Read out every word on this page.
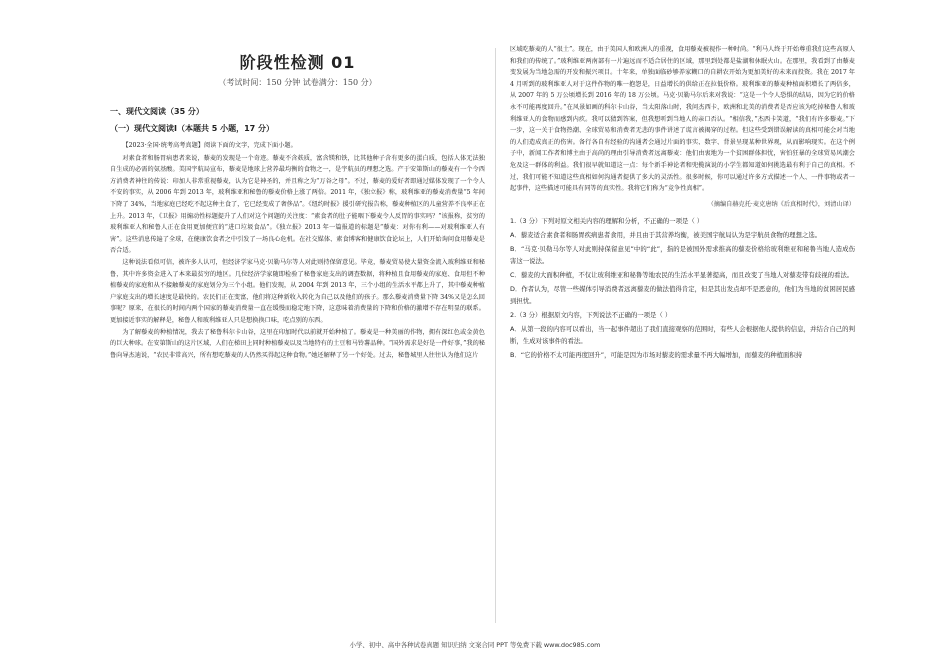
阶段性检测 01
（考试时间：150 分钟 试卷满分：150 分）
一、现代文阅读（35 分）
（一）现代文阅读Ⅰ（本题共 5 小题，17 分）

【2023·全国·统考高考真题】阅读下面的文字，完成下面小题。

对素食者和肠胃病患者来说，藜麦的发现是一个奇迹。藜麦不含麸质，富含镁和铁，比其他种子含有更多的蛋白质，包括人体无法独自生成的必需的氨基酸。美国宇航局宣布，藜麦是地球上营养最均衡的食物之一，是宇航员的理想之选。产于安第斯山的藜麦有一个令西方消费者神往的传说：印加人非常重视藜麦，认为它是神圣的，并且称之为“万谷之母”。不过，藜麦的爱好者即通过媒体发现了一个令人不安的事实，从 2006 年到 2013 年，玻利维亚和秘鲁的藜麦价格上涨了两倍。2011 年，《独立报》称，玻利维亚的藜麦消费量“5 年间下降了 34%，当地家庭已经吃不起这种主食了，它已经变成了奢侈品”。《纽约时报》援引研究报告称，藜麦种植区的儿童营养不良率正在上升。2013 年，《卫报》用煽动性标题提升了人们对这个问题的关注度：“素食者的肚子能咽下藜麦令人反胃的事实吗？”该报称，贫穷的玻利维亚人和秘鲁人正在食用更加便宜的“进口垃圾食品”。《独立报》2013 年一篇报道的标题是“藜麦：对你有利——对玻利维亚人有害”。这些消息传遍了全球，在健康饮食者之中引发了一场良心危机。在社交媒体、素食博客和健康饮食论坛上，人们开始询问食用藜麦是否合适。

这种说法看似可信，被许多人认可，但经济学家马克·贝勒马尔等人对此则持保留意见。毕竟，藜麦贸易使大量资金流入玻利维亚和秘鲁，其中许多资金进入了本来最贫穷的地区。几位经济学家随即检验了秘鲁家庭支出的调查数据，将种植且食用藜麦的家庭、食用但不种植藜麦的家庭和从不接触藜麦的家庭划分为三个小组。他们发现，从 2004 年到 2013 年，三个小组的生活水平都上升了，其中藜麦种植户家庭支出的增长速度是最快的。农民们正在变富，他们将这种新收入转化为自己以及他们的孩子。那么藜麦消费量下降 34%又是怎么回事呢？原来，在很长的时间内两个国家的藜麦消费量一直在缓慢而稳定地下降，这意味着消费量的下降和价格的激增不存在明显的联系。更加接近事实的解释是，秘鲁人和玻利维亚人只是想换换口味，吃点别的东西。

为了解藜麦的种植情况，我去了秘鲁科尔卡山谷，这里在印加时代以前就开始种植了。藜麦是一种美丽的作物，拥有深红色或金黄色的巨大种球。在安第斯山的这片区域，人们在梯田上同时种植藜麦以及当地特有的土豆和马铃薯品种。“国外需求是好是一件好事，”我的秘鲁向导杰迪说，“农民非常高兴，所有想吃藜麦的人仍然买得起这种食物。”她还解释了另一个好处。过去，秘鲁城里人往往认为他们这片

区域吃藜麦的人“很土”。现在，由于美国人和欧洲人的重视，食用藜麦被视作一种时尚。“利马人终于开始尊重我们这些高原人和我们的传统了。”玻利维亚两南部有一片遍远而不适合居住的区域，那里到处都是盐湖和休眠火山。在那里，我看到了由藜麦变发展为当地急需的开发和振兴项目。十年来，单独面临砂够养家糊口的自耕农开始为更加美好的未来而投资。我在 2017 年 4 月听到的玻利维亚人对于这件作物的唯一抱怨是，日益增长的供给正在拉低价格。玻利维亚的藜麦种植面积增长了两倍多，从 2007 年的 5 万公顷增长到 2016 年的 18 万公顷。马克·贝勒马尔后来对我说：“这是一个令人恐惧的结局，因为它的价格永不可能再度回升。”在风景如画的科尔卡山谷，当太阳落山时，我问杰西卡，欧洲和北美的消费者是否应该为吃掉秘鲁人和玻利维亚人的食物而感到内疚。我可以猜到答案，但我想听到当地人的亲口否认。“相信我，”杰西卡笑道，“我们有许多藜麦。”下一步，这一关于食物热潮、全球贸易和消费者无悲的事件讲述了谎言被揭穿的过程。但这些受到错误解读的真相可能会对当地的人们造成真正的伤害。备行各自有经验的沟通者会通过片面的事实、数字、背景呈现某种世界观，从而影响现实。在这个例子中，新闻工作者和博主由于高尚的理由引导消费者远离藜麦：他们由衷地为一个贫困群体担忧，害怕狂暴的全球贸易风潮会危及这一群体的利益。我们很早就知道这一点：每个新手神论者和兜揽演说的小学生都知道如何挑选最有利于自己的真相。不过，我们可能不知道这些真相如何沟通者提供了多大的灵活性。很多时候，你可以通过许多方式描述一个人、一件事物或者一起事件，这些描述可能具有同等的真实性。我将它们称为“竞争性真相”。

（摘编自赫克托·麦克唐纳《后真相时代》，刘清山译）
1.（3 分）下列对原文相关内容的理解和分析，不正确的一项是（ ）
A．藜麦适合素食者和肠胃疾病患者食用，并且由于其营养均衡，被美国宇航局认为是宇航员食物的理想之选。
B．“马克·贝勒马尔等人对此则持保留意见”中的“此”，指的是被国外需求推高的藜麦价格给玻利维亚和秘鲁当地人造成伤害这一说法。
C．藜麦的大面积种植，不仅让玻利维亚和秘鲁等地农民的生活水平显著提高，而且改变了当地人对藜麦带有歧视的看法。
D．作者认为，尽管一些媒体引导消费者远离藜麦的做法值得肯定，但是其出发点却不是恶意的，他们为当地的贫困居民感到担忧。
2.（3 分）根据原文内容，下列说法不正确的一项是（ ）
A．从第一段的内容可以看出，当一起事件超出了我们直接观察的范围时，有些人会根据他人提供的信息，并结合自己的判断，生成对该事件的看法。
B．“它的价格不太可能再度回升”，可能是因为市场对藜麦的需求量不再大幅增加，而藜麦的种植面积持
小学、初中、高中各种试卷真题 知识归纳 文案合同 PPT 等免费下载 www.doc985.com
